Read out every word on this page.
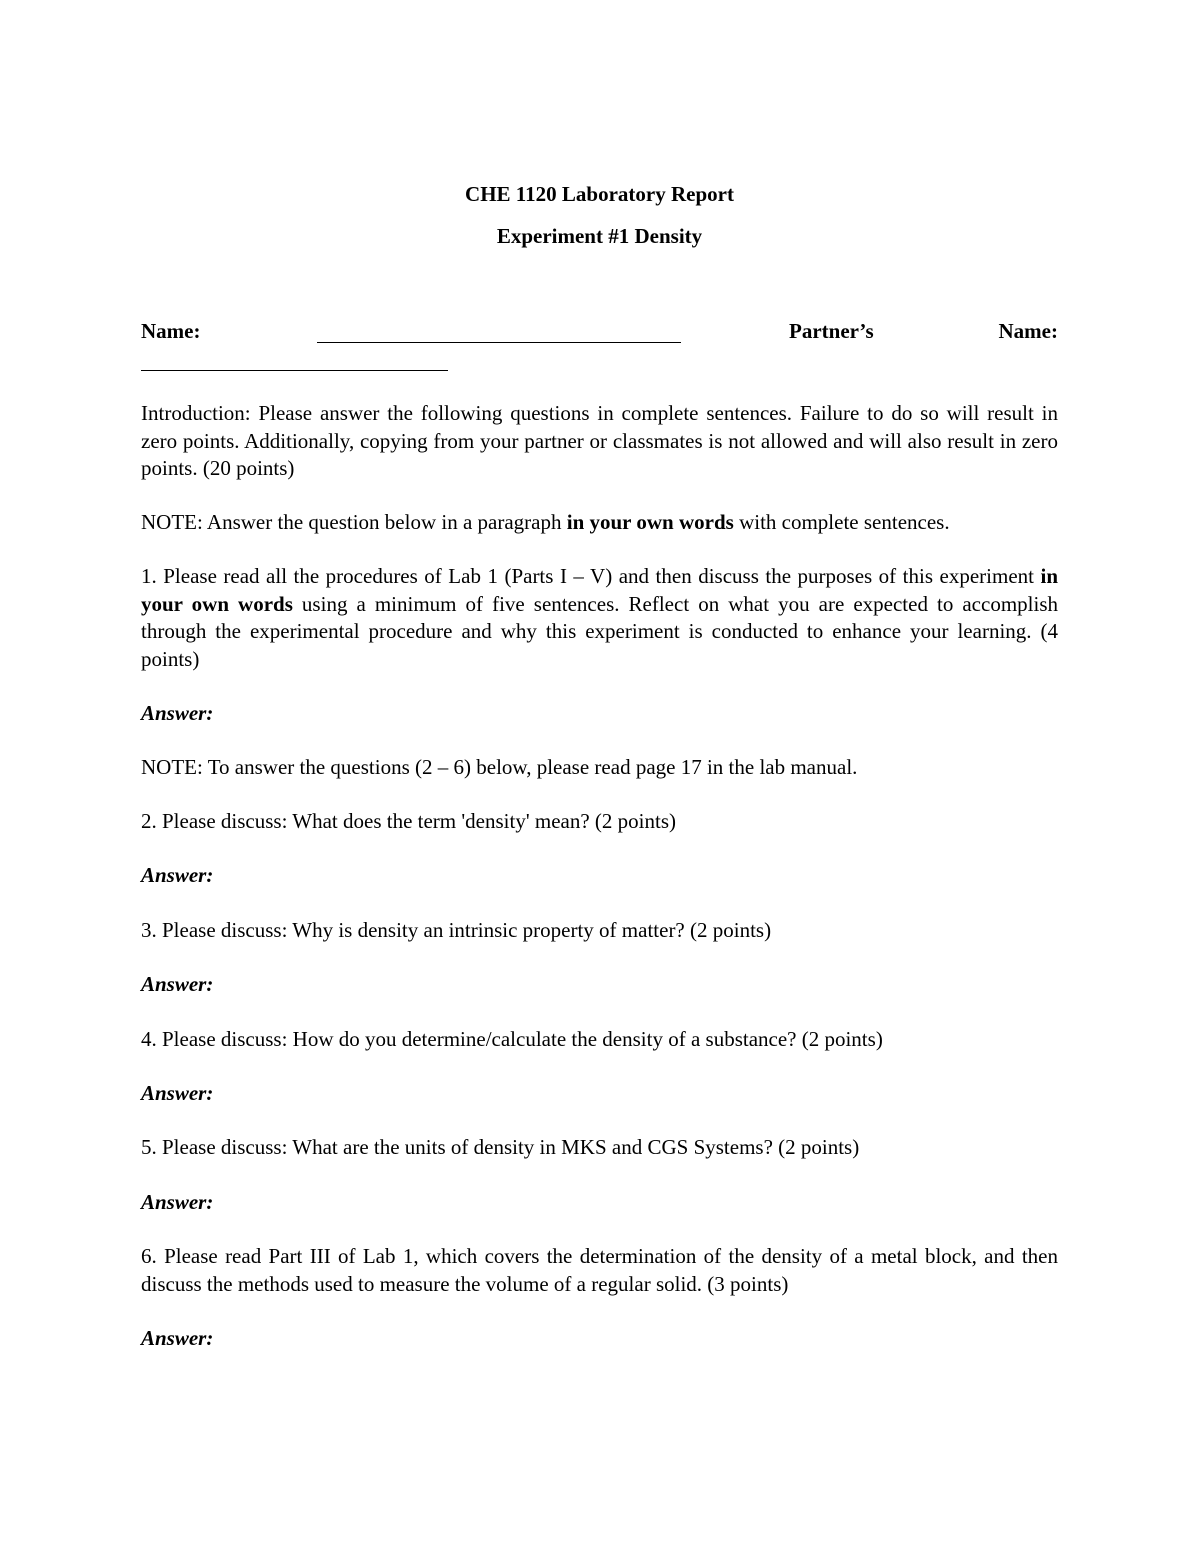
CHE 1120 Laboratory Report
Experiment #1 Density
Name:	Partner’s	Name:

Introduction: Please answer the following questions in complete sentences. Failure to do so will result in zero points. Additionally, copying from your partner or classmates is not allowed and will also result in zero points. (20 points)

NOTE: Answer the question below in a paragraph in your own words with complete sentences.

1. Please read all the procedures of Lab 1 (Parts I – V) and then discuss the purposes of this experiment in your own words using a minimum of five sentences. Reflect on what you are expected to accomplish through the experimental procedure and why this experiment is conducted to enhance your learning. (4 points)

Answer:

NOTE: To answer the questions (2 – 6) below, please read page 17 in the lab manual.

2. Please discuss: What does the term 'density' mean? (2 points)

Answer:

3. Please discuss: Why is density an intrinsic property of matter? (2 points)

Answer:

4. Please discuss: How do you determine/calculate the density of a substance? (2 points)

Answer:

5. Please discuss: What are the units of density in MKS and CGS Systems? (2 points)

Answer:

6. Please read Part III of Lab 1, which covers the determination of the density of a metal block, and then discuss the methods used to measure the volume of a regular solid. (3 points)

Answer:
